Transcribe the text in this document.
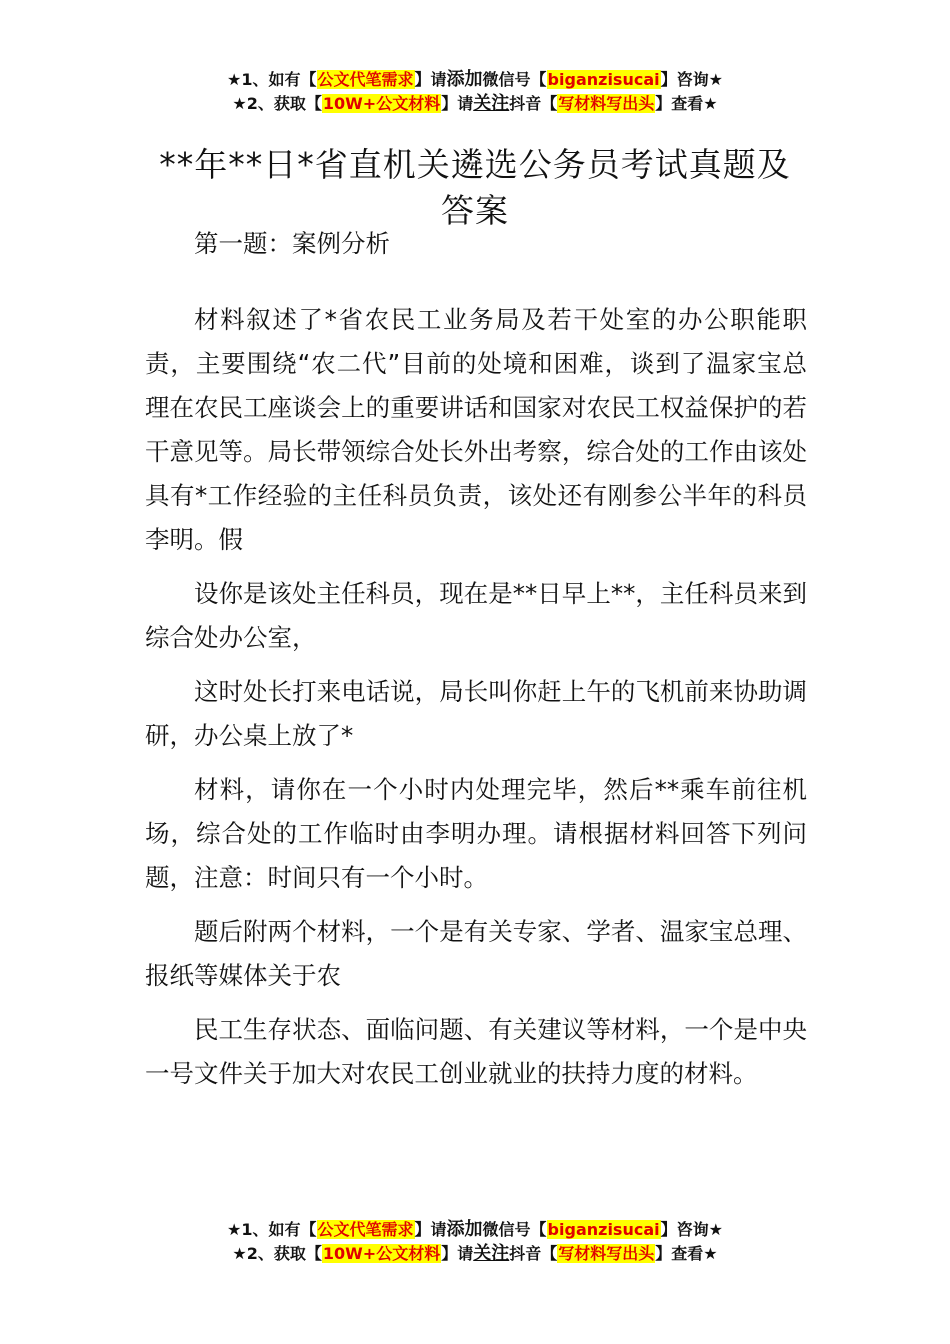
★1、如有【公文代笔需求】请添加微信号【biganzisucai】咨询★
★2、获取【10W+公文材料】请关注抖音【写材料写出头】查看★
**年**日*省直机关遴选公务员考试真题及答案

第一题：案例分析

材料叙述了*省农民工业务局及若干处室的办公职能职责，主要围绕“农二代”目前的处境和困难，谈到了温家宝总理在农民工座谈会上的重要讲话和国家对农民工权益保护的若干意见等。局长带领综合处长外出考察，综合处的工作由该处具有*工作经验的主任科员负责，该处还有刚参公半年的科员李明。假

设你是该处主任科员，现在是**日早上**，主任科员来到综合处办公室，

这时处长打来电话说，局长叫你赶上午的飞机前来协助调研，办公桌上放了*

材料，请你在一个小时内处理完毕，然后**乘车前往机场，综合处的工作临时由李明办理。请根据材料回答下列问题，注意：时间只有一个小时。

题后附两个材料，一个是有关专家、学者、温家宝总理、报纸等媒体关于农

民工生存状态、面临问题、有关建议等材料，一个是中央一号文件关于加大对农民工创业就业的扶持力度的材料。

★1、如有【公文代笔需求】请添加微信号【biganzisucai】咨询★
★2、获取【10W+公文材料】请关注抖音【写材料写出头】查看★
